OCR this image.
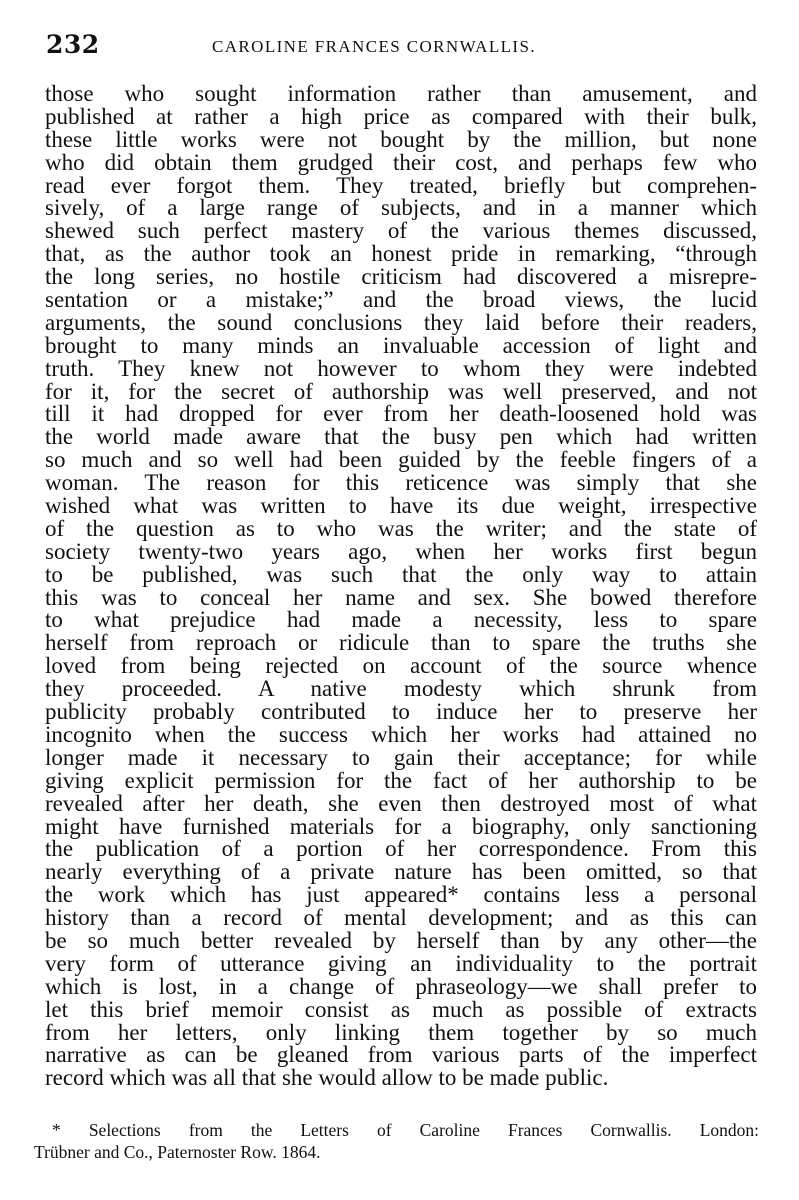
232	CAROLINE FRANCES CORNWALLIS.
those who sought information rather than amusement, and
published at rather a high price as compared with their bulk,
these little works were not bought by the million, but none
who did obtain them grudged their cost, and perhaps few who
read ever forgot them. They treated, briefly but comprehen-
sively, of a large range of subjects, and in a manner which
shewed such perfect mastery of the various themes discussed,
that, as the author took an honest pride in remarking, “through
the long series, no hostile criticism had discovered a misrepre-
sentation or a mistake;” and the broad views, the lucid
arguments, the sound conclusions they laid before their readers,
brought to many minds an invaluable accession of light and
truth. They knew not however to whom they were indebted
for it, for the secret of authorship was well preserved, and not
till it had dropped for ever from her death-loosened hold was
the world made aware that the busy pen which had written
so much and so well had been guided by the feeble fingers of a
woman. The reason for this reticence was simply that she
wished what was written to have its due weight, irrespective
of the question as to who was the writer; and the state of
society twenty-two years ago, when her works first begun
to be published, was such that the only way to attain
this was to conceal her name and sex. She bowed therefore
to what prejudice had made a necessity, less to spare
herself from reproach or ridicule than to spare the truths she
loved from being rejected on account of the source whence
they proceeded. A native modesty which shrunk from
publicity probably contributed to induce her to preserve her
incognito when the success which her works had attained no
longer made it necessary to gain their acceptance; for while
giving explicit permission for the fact of her authorship to be
revealed after her death, she even then destroyed most of what
might have furnished materials for a biography, only sanctioning
the publication of a portion of her correspondence. From this
nearly everything of a private nature has been omitted, so that
the work which has just appeared* contains less a personal
history than a record of mental development; and as this can
be so much better revealed by herself than by any other—the
very form of utterance giving an individuality to the portrait
which is lost, in a change of phraseology—we shall prefer to
let this brief memoir consist as much as possible of extracts
from her letters, only linking them together by so much
narrative as can be gleaned from various parts of the imperfect
record which was all that she would allow to be made public.
* Selections from the Letters of Caroline Frances Cornwallis. London:
Trübner and Co., Paternoster Row. 1864.
